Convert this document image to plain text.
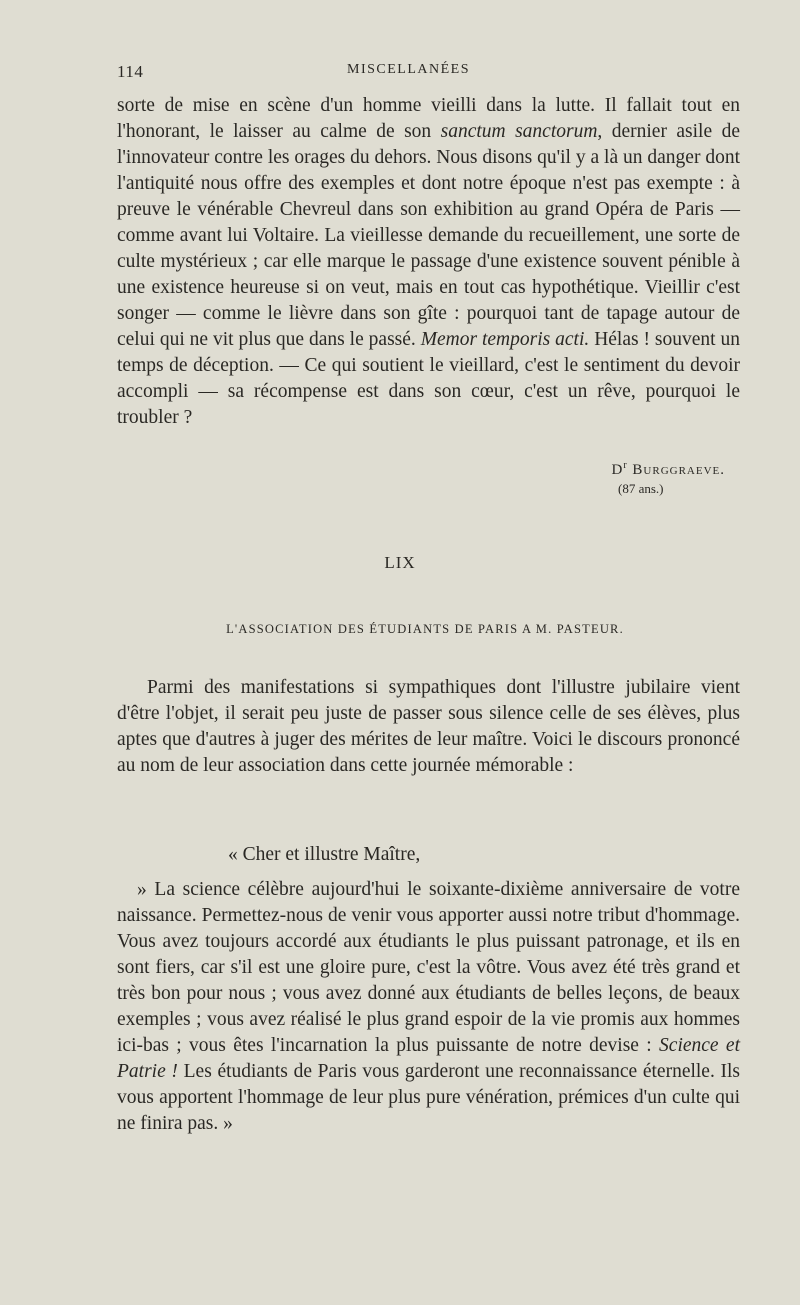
114	MISCELLANÉES
sorte de mise en scène d'un homme vieilli dans la lutte. Il fallait tout en l'honorant, le laisser au calme de son sanctum sanctorum, dernier asile de l'innovateur contre les orages du dehors. Nous disons qu'il y a là un danger dont l'antiquité nous offre des exemples et dont notre époque n'est pas exempte : à preuve le vénérable Chevreul dans son exhibition au grand Opéra de Paris — comme avant lui Voltaire. La vieillesse demande du recueillement, une sorte de culte mystérieux ; car elle marque le passage d'une existence souvent pénible à une existence heureuse si on veut, mais en tout cas hypothétique. Vieillir c'est songer — comme le lièvre dans son gîte : pourquoi tant de tapage autour de celui qui ne vit plus que dans le passé. Memor temporis acti. Hélas ! souvent un temps de déception. — Ce qui soutient le vieillard, c'est le sentiment du devoir accompli — sa récompense est dans son cœur, c'est un rêve, pourquoi le troubler ?
$D^r$ Burggraeve.
(87 ans.)
LIX
L'ASSOCIATION DES ÉTUDIANTS DE PARIS A M. PASTEUR.
Parmi des manifestations si sympathiques dont l'illustre jubilaire vient d'être l'objet, il serait peu juste de passer sous silence celle de ses élèves, plus aptes que d'autres à juger des mérites de leur maître. Voici le discours prononcé au nom de leur association dans cette journée mémorable :
« Cher et illustre Maître,
» La science célèbre aujourd'hui le soixante-dixième anniversaire de votre naissance. Permettez-nous de venir vous apporter aussi notre tribut d'hommage. Vous avez toujours accordé aux étudiants le plus puissant patronage, et ils en sont fiers, car s'il est une gloire pure, c'est la vôtre. Vous avez été très grand et très bon pour nous ; vous avez donné aux étudiants de belles leçons, de beaux exemples ; vous avez réalisé le plus grand espoir de la vie promis aux hommes ici-bas ; vous êtes l'incarnation la plus puissante de notre devise : Science et Patrie ! Les étudiants de Paris vous garderont une reconnaissance éternelle. Ils vous apportent l'hommage de leur plus pure vénération, prémices d'un culte qui ne finira pas. »
